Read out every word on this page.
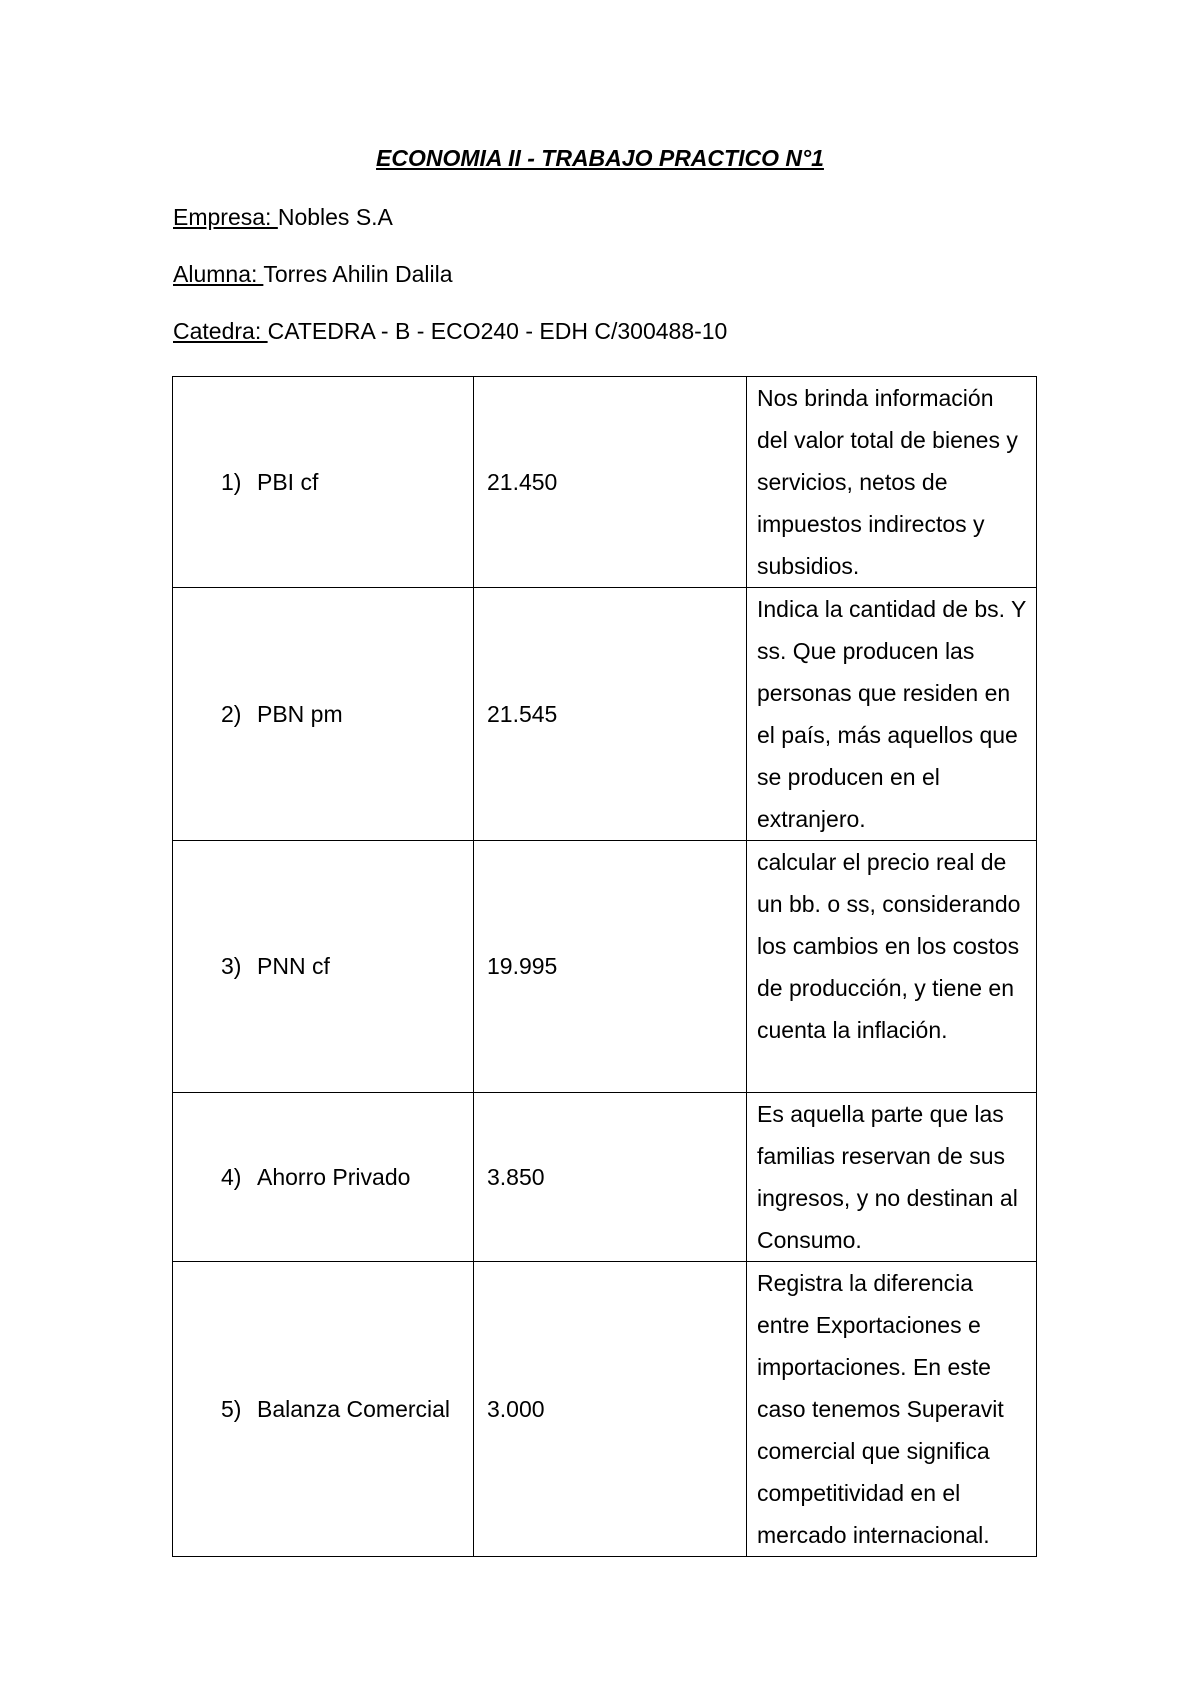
ECONOMIA II - TRABAJO PRACTICO N°1
Empresa: Nobles S.A
Alumna: Torres Ahilin Dalila
Catedra: CATEDRA - B - ECO240 - EDH C/300488-10
1) PBI cf	21.450	Nos brinda información del valor total de bienes y servicios, netos de impuestos indirectos y subsidios.
2) PBN pm	21.545	Indica la cantidad de bs. Y ss. Que producen las personas que residen en el país, más aquellos que se producen en el extranjero.
3) PNN cf	19.995	calcular el precio real de un bb. o ss, considerando los cambios en los costos de producción, y tiene en cuenta la inflación.
4) Ahorro Privado	3.850	Es aquella parte que las familias reservan de sus ingresos, y no destinan al Consumo.
5) Balanza Comercial	3.000	Registra la diferencia entre Exportaciones e importaciones. En este caso tenemos Superavit comercial que significa competitividad en el mercado internacional.
